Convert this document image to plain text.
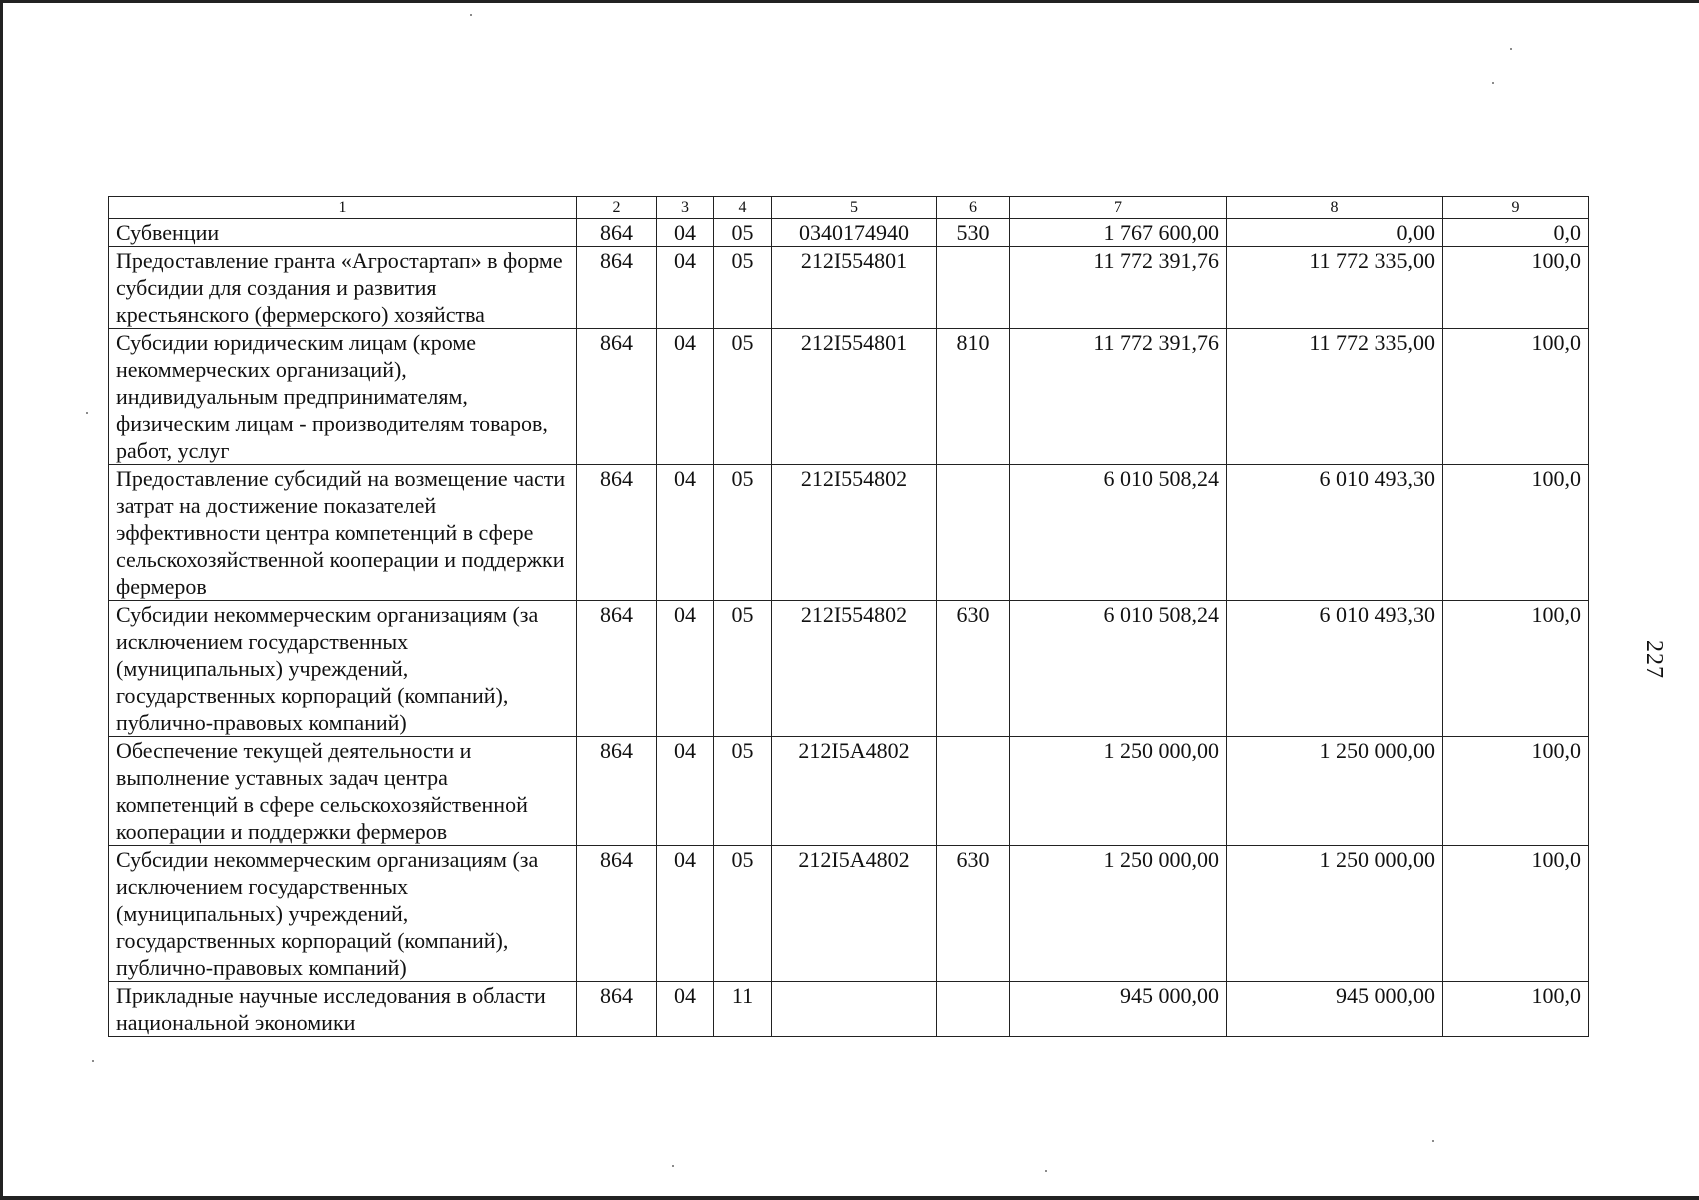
1	2	3	4	5	6	7	8	9
Субвенции	864	04	05	0340174940	530	1 767 600,00	0,00	0,0
Предоставление гранта «Агростартап» в форме субсидии для создания и развития крестьянского (фермерского) хозяйства	864	04	05	212I554801		11 772 391,76	11 772 335,00	100,0
Субсидии юридическим лицам (кроме некоммерческих организаций), индивидуальным предпринимателям, физическим лицам - производителям товаров, работ, услуг	864	04	05	212I554801	810	11 772 391,76	11 772 335,00	100,0
Предоставление субсидий на возмещение части затрат на достижение показателей эффективности центра компетенций в сфере сельскохозяйственной кооперации и поддержки фермеров	864	04	05	212I554802		6 010 508,24	6 010 493,30	100,0
Субсидии некоммерческим организациям (за исключением государственных (муниципальных) учреждений, государственных корпораций (компаний), публично-правовых компаний)	864	04	05	212I554802	630	6 010 508,24	6 010 493,30	100,0
Обеспечение текущей деятельности и выполнение уставных задач центра компетенций в сфере сельскохозяйственной кооперации и поддержки фермеров	864	04	05	212I5A4802		1 250 000,00	1 250 000,00	100,0
Субсидии некоммерческим организациям (за исключением государственных (муниципальных) учреждений, государственных корпораций (компаний), публично-правовых компаний)	864	04	05	212I5A4802	630	1 250 000,00	1 250 000,00	100,0
Прикладные научные исследования в области национальной экономики	864	04	11			945 000,00	945 000,00	100,0
227
